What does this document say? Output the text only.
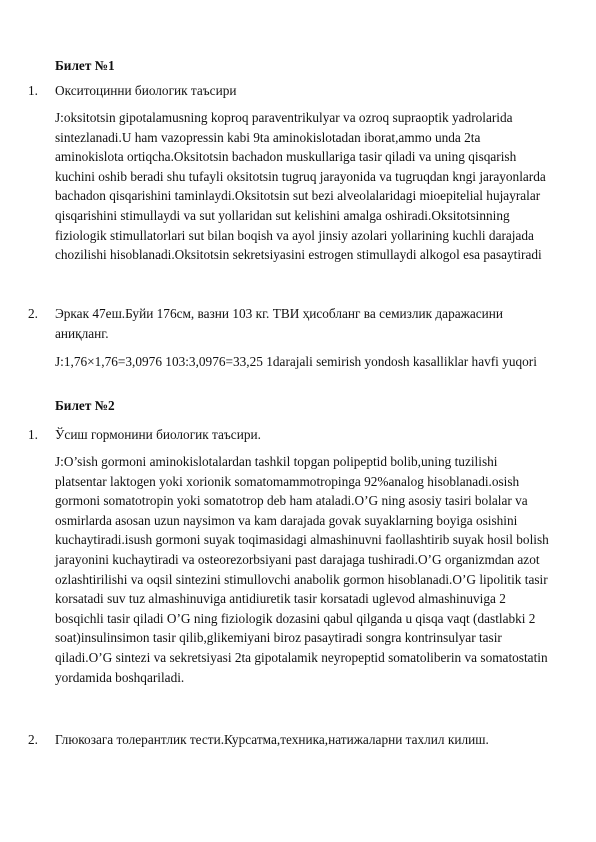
Билет №1
1. Окситоцинни биологик таъсири
J:oksitotsin gipotalamusning koproq paraventrikulyar va ozroq supraoptik yadrolarida sintezlanadi.U ham vazopressin kabi 9ta aminokislotadan iborat,ammo unda 2ta aminokislota ortiqcha.Oksitotsin bachadon muskullariga tasir qiladi va uning qisqarish kuchini oshib beradi shu tufayli oksitotsin tugruq jarayonida va tugruqdan kngi jarayonlarda bachadon qisqarishini taminlaydi.Oksitotsin sut bezi alveolalaridagi mioepitelial hujayralar qisqarishini stimullaydi va sut yollaridan sut kelishini amalga oshiradi.Oksitotsinning fiziologik stimullatorlari sut bilan boqish va ayol jinsiy azolari yollarining kuchli darajada chozilishi hisoblanadi.Oksitotsin sekretsiyasini estrogen stimullaydi alkogol esa pasaytiradi
2. Эркак 47еш.Буйи 176см, вазни 103 кг. ТВИ ҳисобланг ва семизлик даражасини аниқланг.
J:1,76×1,76=3,0976 103:3,0976=33,25 1darajali semirish yondosh kasalliklar havfi yuqori
Билет №2
1. Ўсиш гормонини биологик таъсири.
J:O’sish gormoni aminokislotalardan tashkil topgan polipeptid bolib,uning tuzilishi platsentar laktogen yoki xorionik somatomammotropinga 92%analog hisoblanadi.osish gormoni somatotropin yoki somatotrop deb ham ataladi.O’G ning asosiy tasiri bolalar va osmirlarda asosan uzun naysimon va kam darajada govak suyaklarning boyiga osishini kuchaytiradi.isush gormoni suyak toqimasidagi almashinuvni faollashtirib suyak hosil bolish jarayonini kuchaytiradi va osteorezorbsiyani past darajaga tushiradi.O’G organizmdan azot ozlashtirilishi va oqsil sintezini stimullovchi anabolik gormon hisoblanadi.O’G lipolitik tasir korsatadi suv tuz almashinuviga antidiuretik tasir korsatadi uglevod almashinuviga 2 bosqichli tasir qiladi O’G ning fiziologik dozasini qabul qilganda u qisqa vaqt (dastlabki 2 soat)insulinsimon tasir qilib,glikemiyani biroz pasaytiradi songra kontrinsulyar tasir qiladi.O’G sintezi va sekretsiyasi 2ta gipotalamik neyropeptid somatoliberin va somatostatin yordamida boshqariladi.
2. Глюкозага толерантлик тести.Курсатма,техника,натижаларни тахлил килиш.
